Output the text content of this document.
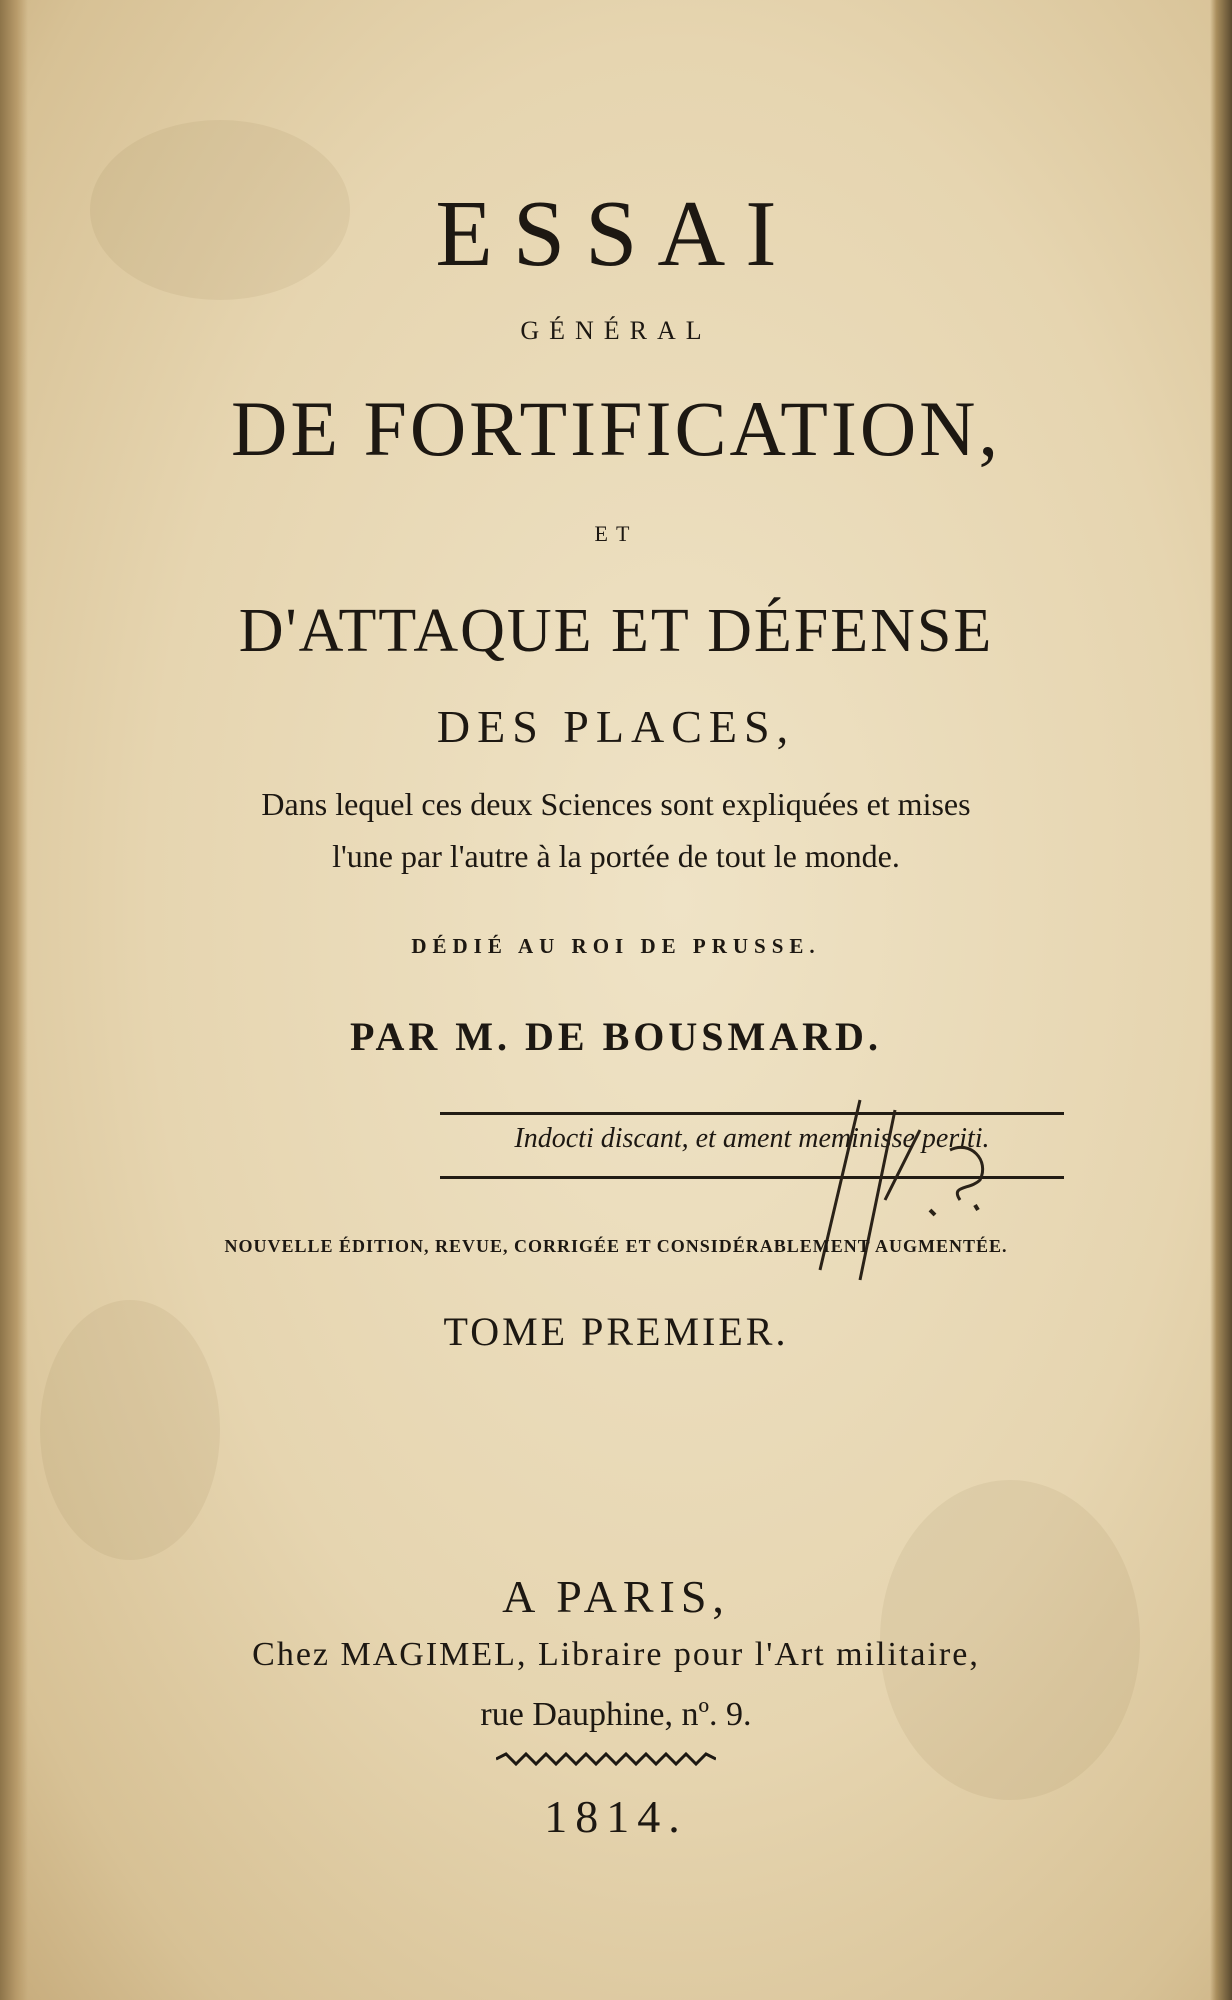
ESSAI
GÉNÉRAL
DE FORTIFICATION,
ET
D'ATTAQUE ET DÉFENSE
DES PLACES,
Dans lequel ces deux Sciences sont expliquées et mises
l'une par l'autre à la portée de tout le monde.
DÉDIÉ AU ROI DE PRUSSE.
PAR M. DE BOUSMARD.
Indocti discant, et ament meminisse periti.
NOUVELLE ÉDITION, REVUE, CORRIGÉE ET CONSIDÉRABLEMENT AUGMENTÉE.
TOME PREMIER.
A PARIS,
Chez MAGIMEL, Libraire pour l'Art militaire,
rue Dauphine, nº. 9.
1814.
